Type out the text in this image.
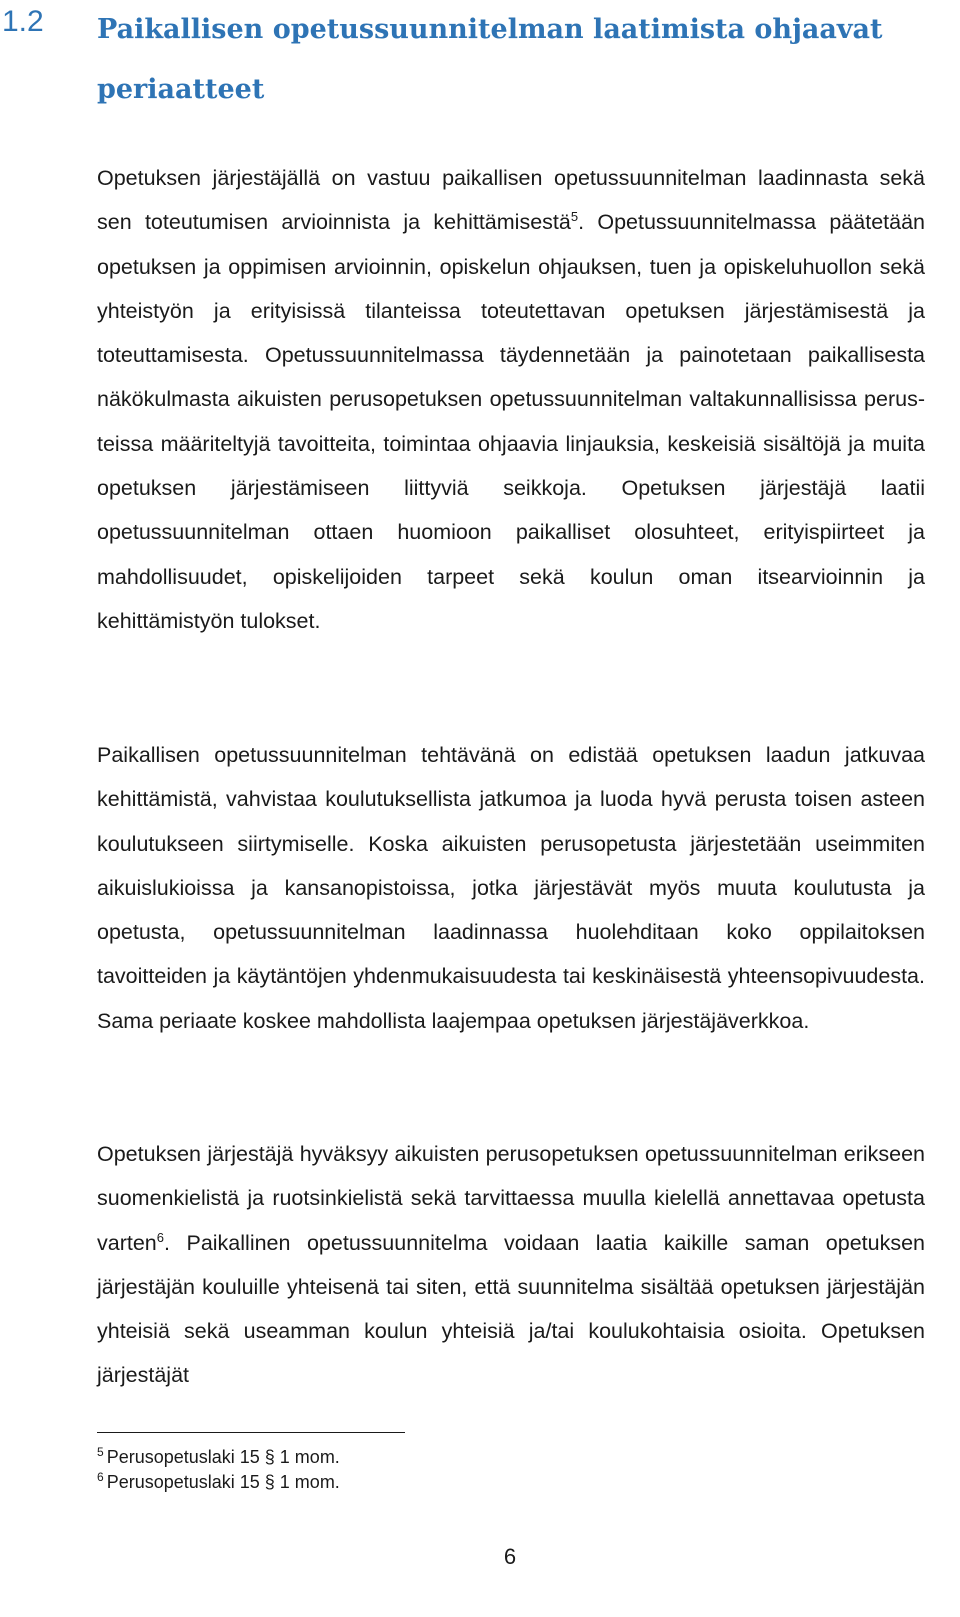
1.2 Paikallisen opetussuunnitelman laatimista ohjaavat periaatteet

Opetuksen järjestäjällä on vastuu paikallisen opetussuunnitelman laadinnasta sekä sen toteutumisen arvioinnista ja kehittämisestä$^5$. Opetussuunnitelmassa päätetään opetuksen ja oppimisen arvioinnin, opiskelun ohjauksen, tuen ja opiskeluhuollon sekä yhteistyön ja erityisissä tilanteissa toteutettavan opetuksen järjestämisestä ja toteuttamisesta. Opetussuunnitelmassa täydennetään ja painotetaan paikallisesta näkökulmasta aikuisten perusopetuksen opetussuunnitelman valtakunnallisissa perusteissa määriteltyjä tavoitteita, toimintaa ohjaavia linjauksia, keskeisiä sisältöjä ja muita opetuksen järjestämiseen liittyviä seikkoja. Opetuksen järjestäjä laatii opetussuunnitelman ottaen huomioon paikalliset olosuhteet, erityispiirteet ja mahdollisuudet, opiskelijoiden tarpeet sekä koulun oman itsearvioinnin ja kehittämistyön tulokset.

Paikallisen opetussuunnitelman tehtävänä on edistää opetuksen laadun jatkuvaa kehittämistä, vahvistaa koulutuksellista jatkumoa ja luoda hyvä perusta toisen asteen koulutukseen siirtymiselle. Koska aikuisten perusopetusta järjestetään useimmiten aikuislukioissa ja kansanopistoissa, jotka järjestävät myös muuta koulutusta ja opetusta, opetussuunnitelman laadinnassa huolehditaan koko oppilaitoksen tavoitteiden ja käytäntöjen yhdenmukaisuudesta tai keskinäisestä yhteensopivuudesta. Sama periaate koskee mahdollista laajempaa opetuksen järjestäjäverkkoa.

Opetuksen järjestäjä hyväksyy aikuisten perusopetuksen opetussuunnitelman erikseen suomenkielistä ja ruotsinkielistä sekä tarvittaessa muulla kielellä annettavaa opetusta varten$^6$. Paikallinen opetussuunnitelma voidaan laatia kaikille saman opetuksen järjestäjän kouluille yhteisenä tai siten, että suunnitelma sisältää opetuksen järjestäjän yhteisiä sekä useamman koulun yhteisiä ja/tai koulukohtaisia osioita. Opetuksen järjestäjät

$^5$ Perusopetuslaki 15 § 1 mom.

$^6$ Perusopetuslaki 15 § 1 mom.

6
